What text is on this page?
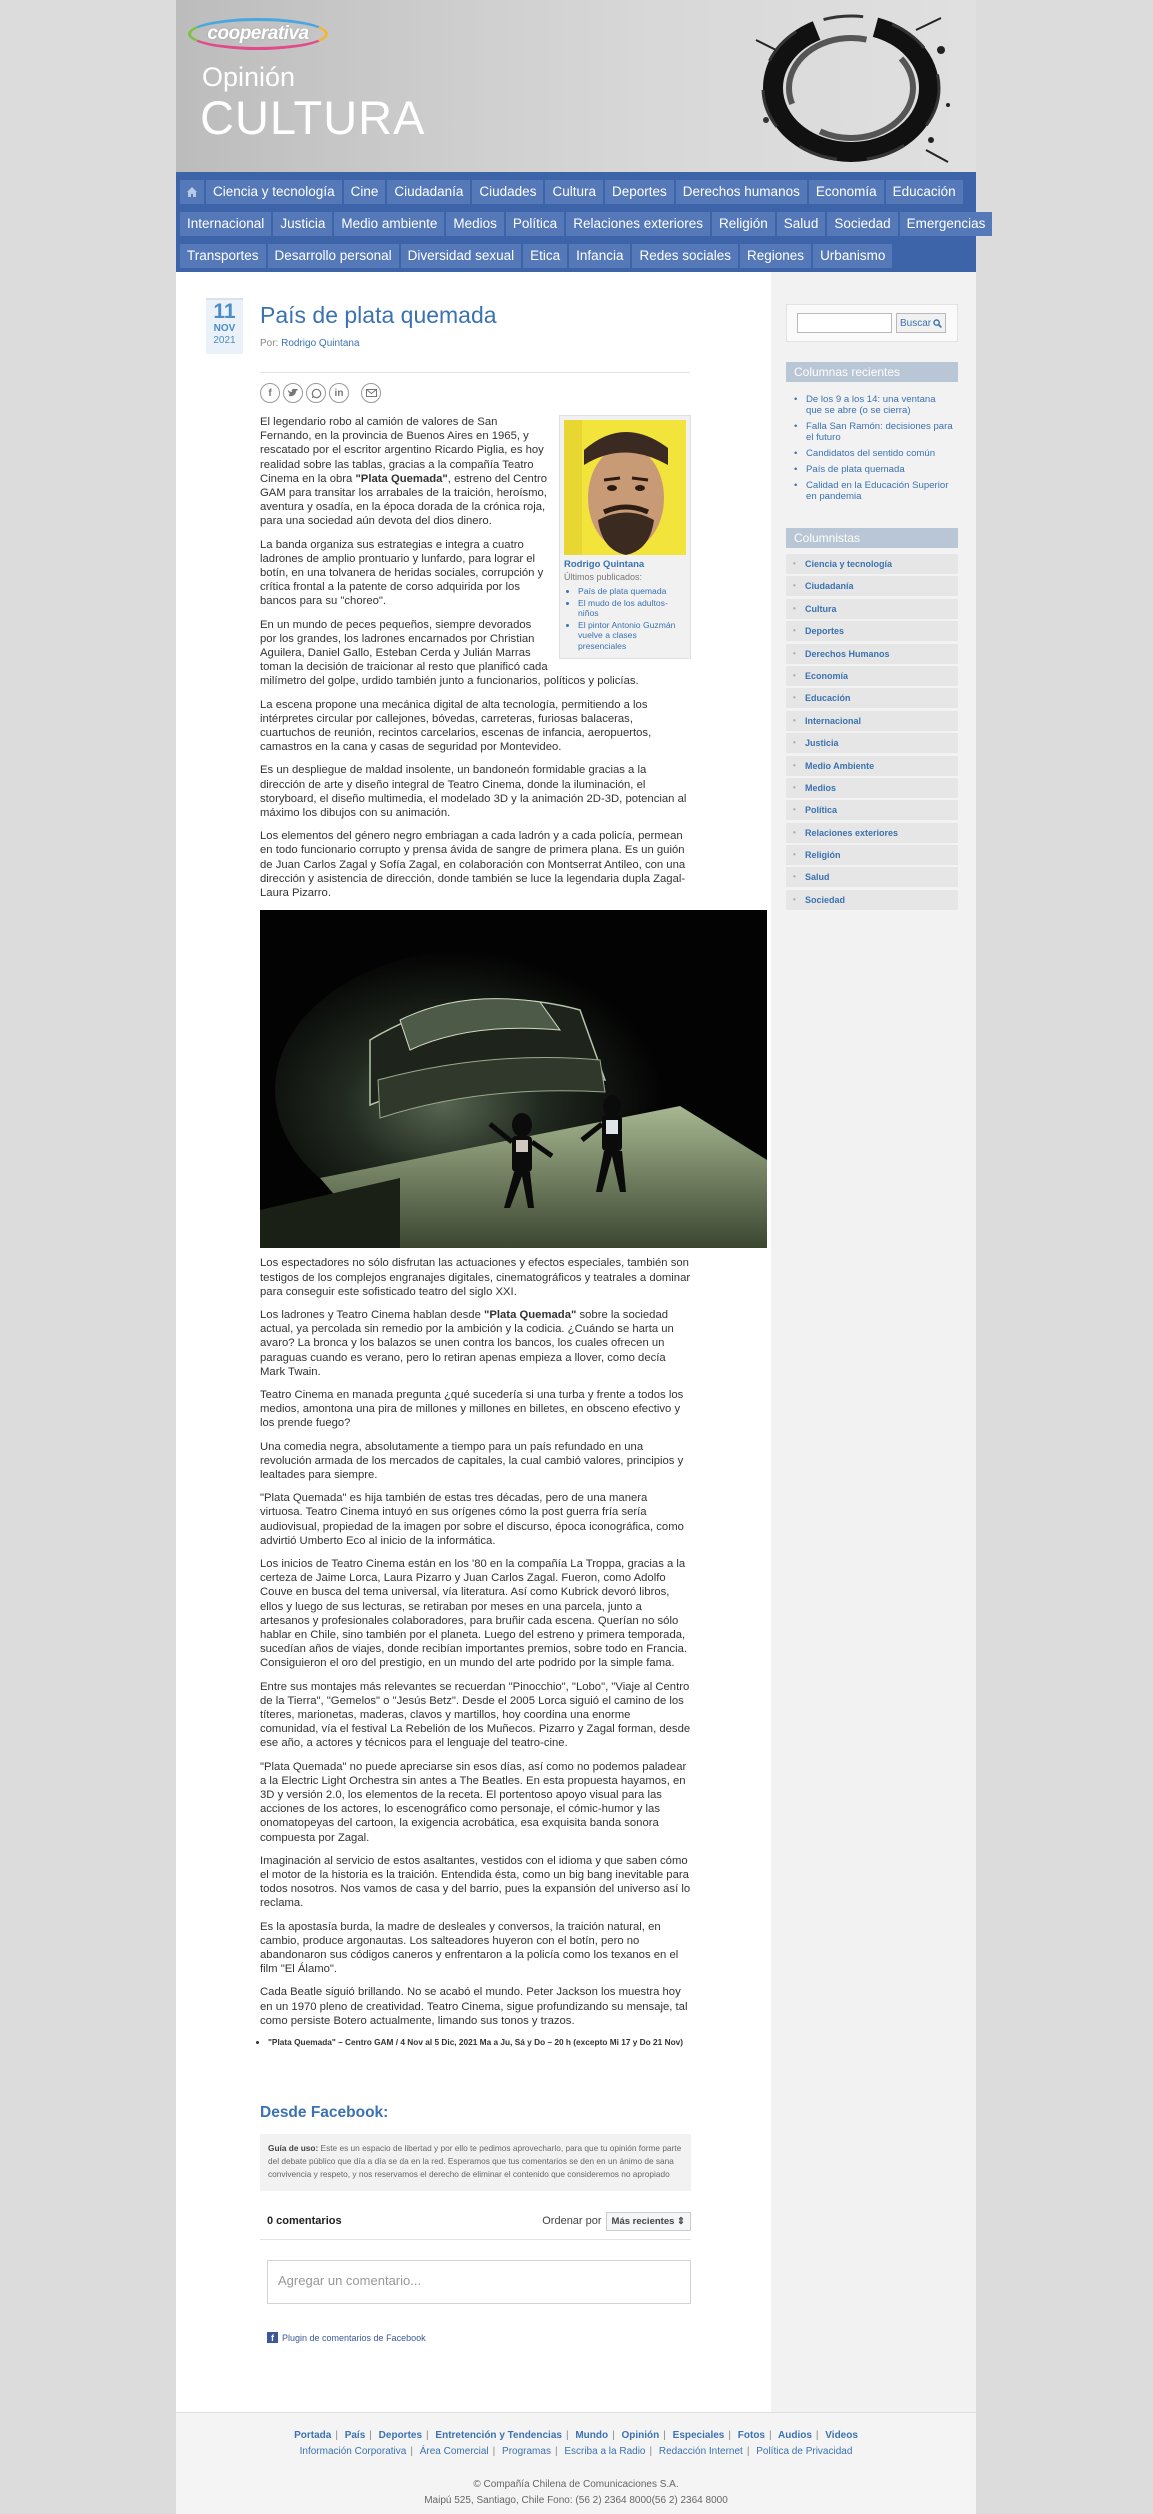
cooperativa
Opinión
CULTURA
Ciencia y tecnología	Cine	Ciudadanía	Ciudades	Cultura	Deportes	Derechos humanos	Economía	Educación
Internacional	Justicia	Medio ambiente	Medios	Política	Relaciones exteriores	Religión	Salud	Sociedad	Emergencias
Transportes	Desarrollo personal	Diversidad sexual	Etica	Infancia	Redes sociales	Regiones	Urbanismo
11
NOV
2021
País de plata quemada
Por: Rodrigo Quintana
f	in
Rodrigo Quintana
Últimos publicados:
• País de plata quemada
• El mudo de los adultos-niños
• El pintor Antonio Guzmán vuelve a clases presenciales

El legendario robo al camión de valores de San Fernando, en la provincia de Buenos Aires en 1965, y rescatado por el escritor argentino Ricardo Piglia, es hoy realidad sobre las tablas, gracias a la compañía Teatro Cinema en la obra "Plata Quemada", estreno del Centro GAM para transitar los arrabales de la traición, heroísmo, aventura y osadía, en la época dorada de la crónica roja, para una sociedad aún devota del dios dinero.

La banda organiza sus estrategias e integra a cuatro ladrones de amplio prontuario y lunfardo, para lograr el botín, en una tolvanera de heridas sociales, corrupción y crítica frontal a la patente de corso adquirida por los bancos para su "choreo".

En un mundo de peces pequeños, siempre devorados por los grandes, los ladrones encarnados por Christian Aguilera, Daniel Gallo, Esteban Cerda y Julián Marras toman la decisión de traicionar al resto que planificó cada milímetro del golpe, urdido también junto a funcionarios, políticos y policías.

La escena propone una mecánica digital de alta tecnología, permitiendo a los intérpretes circular por callejones, bóvedas, carreteras, furiosas balaceras, cuartuchos de reunión, recintos carcelarios, escenas de infancia, aeropuertos, camastros en la cana y casas de seguridad por Montevideo.

Es un despliegue de maldad insolente, un bandoneón formidable gracias a la dirección de arte y diseño integral de Teatro Cinema, donde la iluminación, el storyboard, el diseño multimedia, el modelado 3D y la animación 2D-3D, potencian al máximo los dibujos con su animación.

Los elementos del género negro embriagan a cada ladrón y a cada policía, permean en todo funcionario corrupto y prensa ávida de sangre de primera plana. Es un guión de Juan Carlos Zagal y Sofía Zagal, en colaboración con Montserrat Antileo, con una dirección y asistencia de dirección, donde también se luce la legendaria dupla Zagal-Laura Pizarro.

Los espectadores no sólo disfrutan las actuaciones y efectos especiales, también son testigos de los complejos engranajes digitales, cinematográficos y teatrales a dominar para conseguir este sofisticado teatro del siglo XXI.

Los ladrones y Teatro Cinema hablan desde "Plata Quemada" sobre la sociedad actual, ya percolada sin remedio por la ambición y la codicia. ¿Cuándo se harta un avaro? La bronca y los balazos se unen contra los bancos, los cuales ofrecen un paraguas cuando es verano, pero lo retiran apenas empieza a llover, como decía Mark Twain.

Teatro Cinema en manada pregunta ¿qué sucedería si una turba y frente a todos los medios, amontona una pira de millones y millones en billetes, en obsceno efectivo y los prende fuego?

Una comedia negra, absolutamente a tiempo para un país refundado en una revolución armada de los mercados de capitales, la cual cambió valores, principios y lealtades para siempre.

"Plata Quemada" es hija también de estas tres décadas, pero de una manera virtuosa. Teatro Cinema intuyó en sus orígenes cómo la post guerra fría sería audiovisual, propiedad de la imagen por sobre el discurso, época iconográfica, como advirtió Umberto Eco al inicio de la informática.

Los inicios de Teatro Cinema están en los '80 en la compañía La Troppa, gracias a la certeza de Jaime Lorca, Laura Pizarro y Juan Carlos Zagal. Fueron, como Adolfo Couve en busca del tema universal, vía literatura. Así como Kubrick devoró libros, ellos y luego de sus lecturas, se retiraban por meses en una parcela, junto a artesanos y profesionales colaboradores, para bruñir cada escena. Querían no sólo hablar en Chile, sino también por el planeta. Luego del estreno y primera temporada, sucedían años de viajes, donde recibían importantes premios, sobre todo en Francia. Consiguieron el oro del prestigio, en un mundo del arte podrido por la simple fama.

Entre sus montajes más relevantes se recuerdan "Pinocchio", "Lobo", "Viaje al Centro de la Tierra", "Gemelos" o "Jesús Betz". Desde el 2005 Lorca siguió el camino de los títeres, marionetas, maderas, clavos y martillos, hoy coordina una enorme comunidad, vía el festival La Rebelión de los Muñecos. Pizarro y Zagal forman, desde ese año, a actores y técnicos para el lenguaje del teatro-cine.

"Plata Quemada" no puede apreciarse sin esos días, así como no podemos paladear a la Electric Light Orchestra sin antes a The Beatles. En esta propuesta hayamos, en 3D y versión 2.0, los elementos de la receta. El portentoso apoyo visual para las acciones de los actores, lo escenográfico como personaje, el cómic-humor y las onomatopeyas del cartoon, la exigencia acrobática, esa exquisita banda sonora compuesta por Zagal.

Imaginación al servicio de estos asaltantes, vestidos con el idioma y que saben cómo el motor de la historia es la traición. Entendida ésta, como un big bang inevitable para todos nosotros. Nos vamos de casa y del barrio, pues la expansión del universo así lo reclama.

Es la apostasía burda, la madre de desleales y conversos, la traición natural, en cambio, produce argonautas. Los salteadores huyeron con el botín, pero no abandonaron sus códigos caneros y enfrentaron a la policía como los texanos en el film "El Álamo".

Cada Beatle siguió brillando. No se acabó el mundo. Peter Jackson los muestra hoy en un 1970 pleno de creatividad. Teatro Cinema, sigue profundizando su mensaje, tal como persiste Botero actualmente, limando sus tonos y trazos.

• "Plata Quemada" – Centro GAM / 4 Nov al 5 Dic, 2021 Ma a Ju, Sá y Do – 20 h (excepto Mi 17 y Do 21 Nov)
Desde Facebook:
Guía de uso: Este es un espacio de libertad y por ello te pedimos aprovecharlo, para que tu opinión forme parte del debate público que día a día se da en la red. Esperamos que tus comentarios se den en un ánimo de sana convivencia y respeto, y nos reservamos el derecho de eliminar el contenido que consideremos no apropiado
0 comentarios	Ordenar por	Más recientes ⇕
Agregar un comentario...
f Plugin de comentarios de Facebook
Buscar
Columnas recientes
• De los 9 a los 14: una ventana que se abre (o se cierra)
• Falla San Ramón: decisiones para el futuro
• Candidatos del sentido común
• País de plata quemada
• Calidad en la Educación Superior en pandemia
Columnistas
• Ciencia y tecnología
• Ciudadanía
• Cultura
• Deportes
• Derechos Humanos
• Economía
• Educación
• Internacional
• Justicia
• Medio Ambiente
• Medios
• Política
• Relaciones exteriores
• Religión
• Salud
• Sociedad
Portada | País | Deportes | Entretención y Tendencias | Mundo | Opinión | Especiales | Fotos | Audios | Videos
Información Corporativa | Área Comercial | Programas | Escriba a la Radio | Redacción Internet | Política de Privacidad
© Compañía Chilena de Comunicaciones S.A.
Maipú 525, Santiago, Chile Fono: (56 2) 2364 8000(56 2) 2364 8000
